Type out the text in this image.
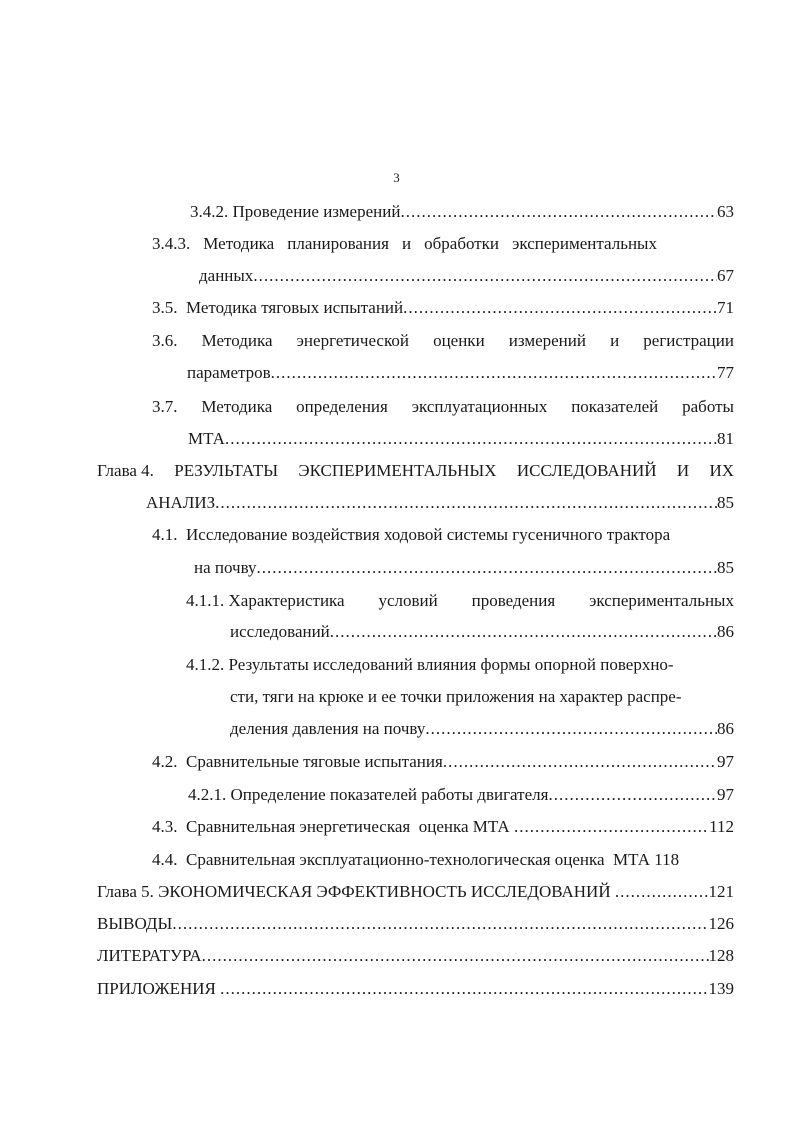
3
3.4.2. Проведение измерений .....	63
3.4.3. Методика планирования и обработки экспериментальных
данных .....	67
3.5.  Методика тяговых испытаний .....	71
3.6. Методика энергетической оценки измерений и регистрации
параметров .....	77
3.7. Методика определения эксплуатационных показателей работы
МТА .....	81
Глава 4. РЕЗУЛЬТАТЫ ЭКСПЕРИМЕНТАЛЬНЫХ ИССЛЕДОВАНИЙ И ИХ
АНАЛИЗ .....	85
4.1.  Исследование воздействия ходовой системы гусеничного трактора
на почву .....	85
4.1.1. Характеристика условий проведения экспериментальных
исследований .....	86
4.1.2. Результаты исследований влияния формы опорной поверхно-
сти, тяги на крюке и ее точки приложения на характер распре-
деления давления на почву .....	86
4.2.  Сравнительные тяговые испытания .....	97
4.2.1. Определение показателей работы двигателя .....	97
4.3.  Сравнительная энергетическая  оценка МТА .....	112
4.4.  Сравнительная эксплуатационно-технологическая оценка  МТА 118
Глава 5. ЭКОНОМИЧЕСКАЯ ЭФФЕКТИВНОСТЬ ИССЛЕДОВАНИЙ .....	121
ВЫВОДЫ .....	126
ЛИТЕРАТУРА .....	128
ПРИЛОЖЕНИЯ .....	139
